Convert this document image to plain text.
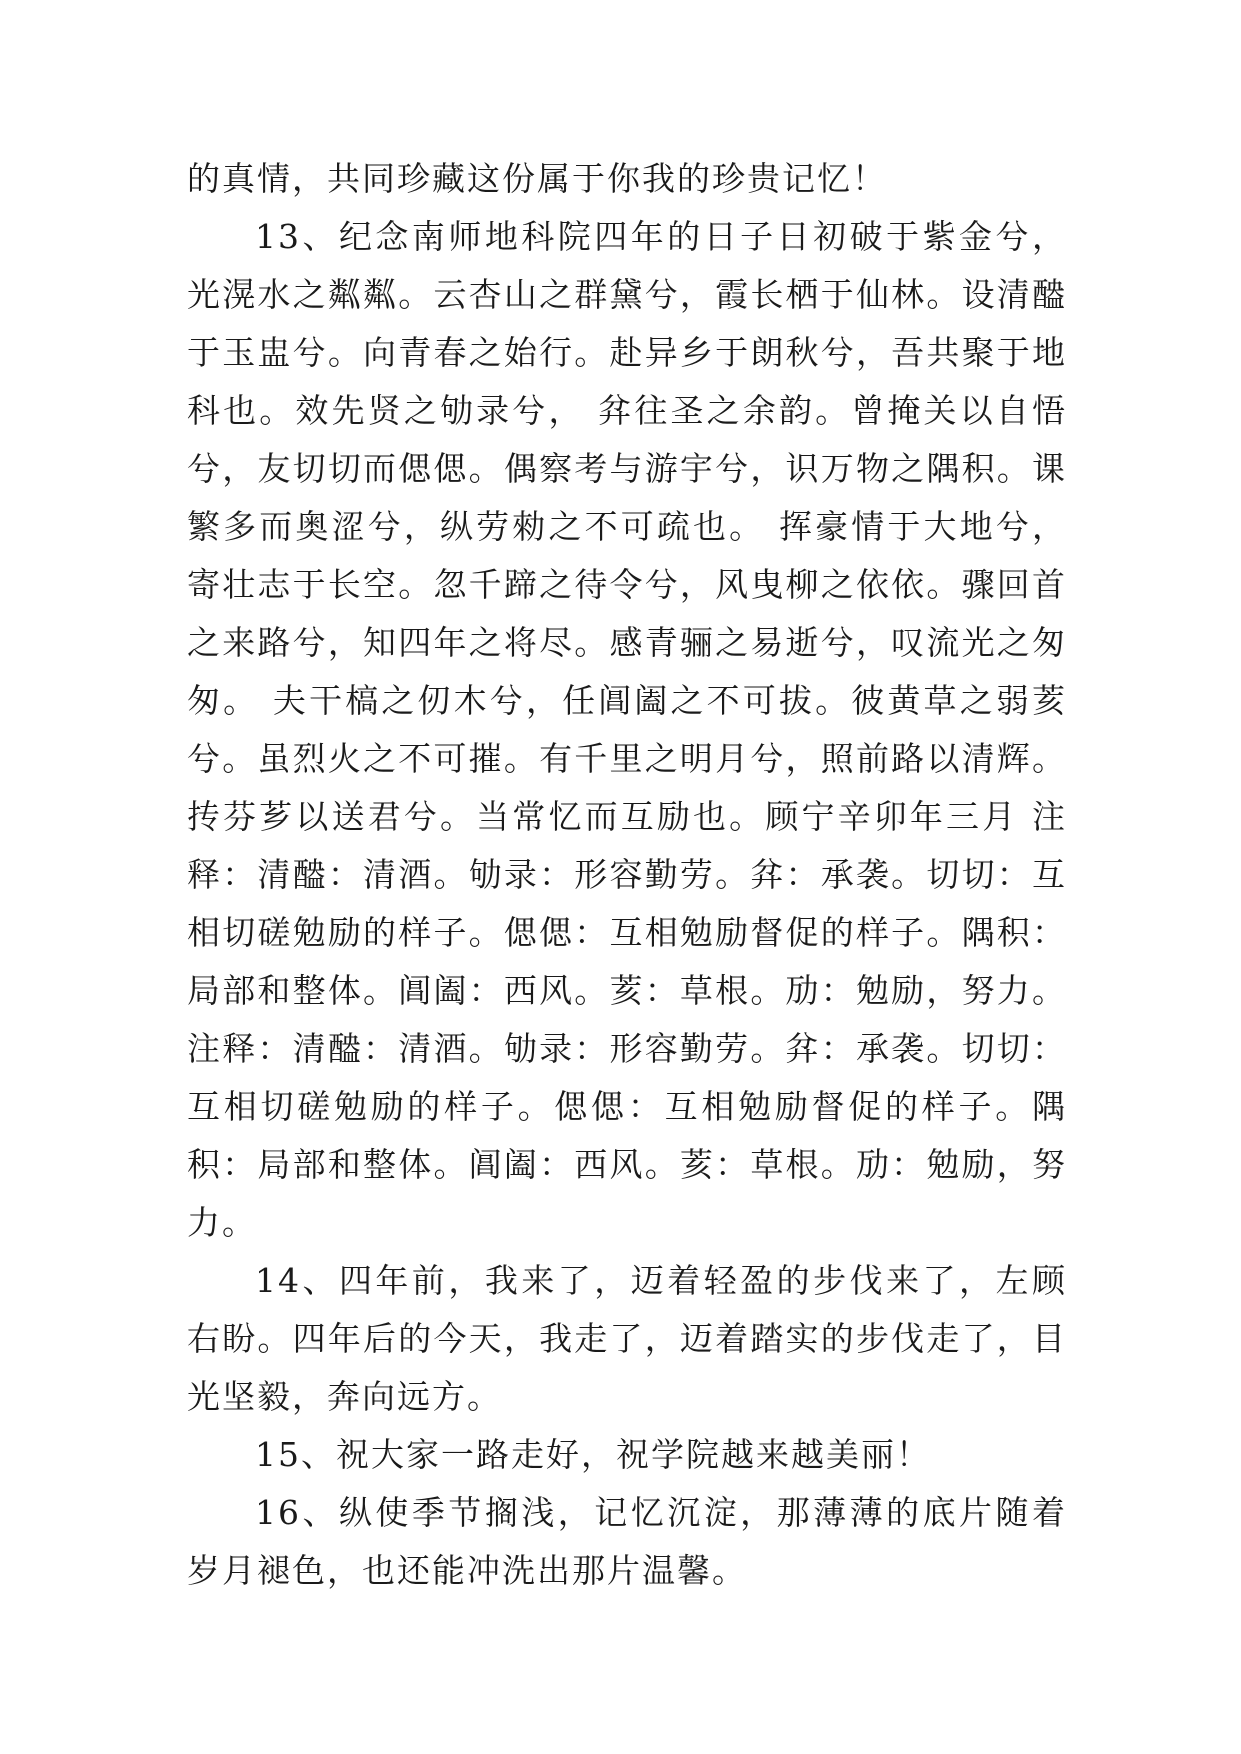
的真情，共同珍藏这份属于你我的珍贵记忆！

13、纪念南师地科院四年的日子日初破于紫金兮，光滉水之粼粼。云杏山之群黛兮，霞长栖于仙林。设清醠于玉盅兮。向青春之始行。赴异乡于朗秋兮，吾共聚于地科也。效先贤之劬录兮， 弅往圣之余韵。曾掩关以自悟兮，友切切而偲偲。偶察考与游宇兮，识万物之隅积。课繁多而奥涩兮，纵劳勑之不可疏也。 挥豪情于大地兮，寄壮志于长空。忽千蹄之待令兮，风曳柳之依依。骤回首之来路兮，知四年之将尽。感青骊之易逝兮，叹流光之匆匆。 夫干槁之仞木兮，任阊阖之不可拔。彼黄草之弱荄兮。虽烈火之不可摧。有千里之明月兮，照前路以清辉。抟芬芗以送君兮。当常忆而互励也。顾宁辛卯年三月 注释：清醠：清酒。劬录：形容勤劳。弅：承袭。切切：互相切磋勉励的样子。偲偲：互相勉励督促的样子。隅积：局部和整体。阊阖：西风。荄：草根。劢：勉励，努力。 注释：清醠：清酒。劬录：形容勤劳。弅：承袭。切切：互相切磋勉励的样子。偲偲：互相勉励督促的样子。隅积：局部和整体。阊阖：西风。荄：草根。劢：勉励，努力。

14、四年前，我来了，迈着轻盈的步伐来了，左顾右盼。四年后的今天，我走了，迈着踏实的步伐走了，目光坚毅，奔向远方。

15、祝大家一路走好，祝学院越来越美丽！

16、纵使季节搁浅，记忆沉淀，那薄薄的底片随着岁月褪色，也还能冲洗出那片温馨。
